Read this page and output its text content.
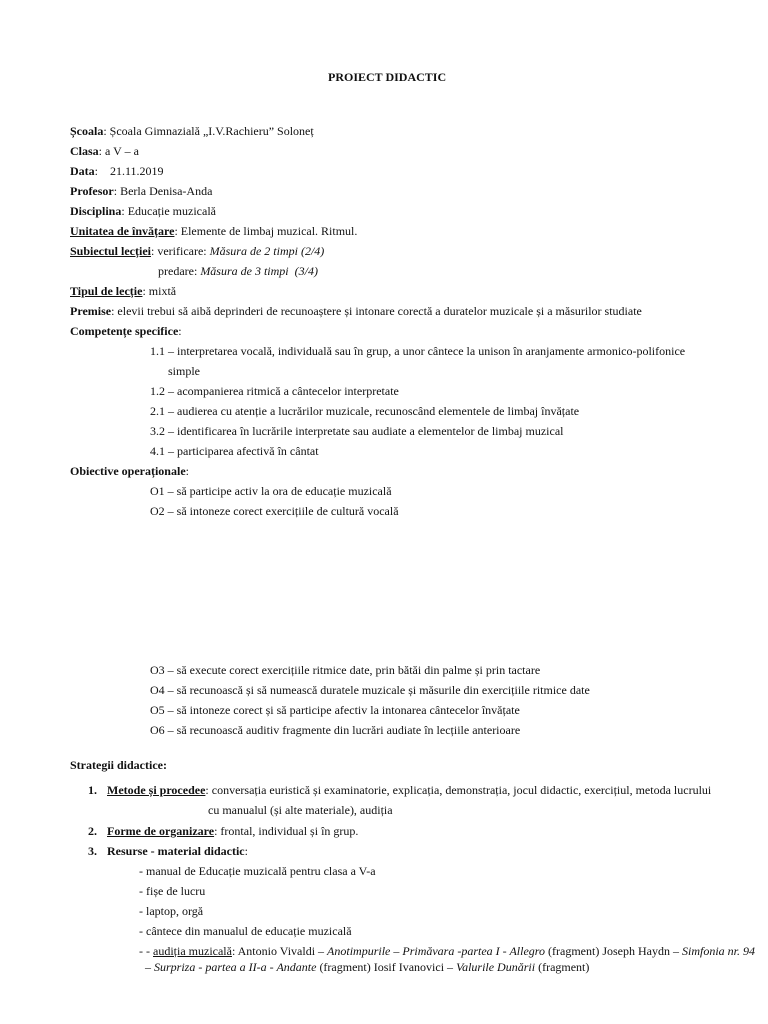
PROIECT DIDACTIC
Școala: Școala Gimnazială „I.V.Rachieru” Soloneț
Clasa: a V – a
Data:    21.11.2019
Profesor: Berla Denisa-Anda
Disciplina: Educație muzicală
Unitatea de învățare: Elemente de limbaj muzical. Ritmul.
Subiectul lecției: verificare: Măsura de 2 timpi (2/4)
predare: Măsura de 3 timpi  (3/4)
Tipul de lecție: mixtă
Premise: elevii trebui să aibă deprinderi de recunoaștere și intonare corectă a duratelor muzicale și a măsurilor studiate
Competențe specifice:
1.1 – interpretarea vocală, individuală sau în grup, a unor cântece la unison în aranjamente armonico-polifonice
simple
1.2 – acompanierea ritmică a cântecelor interpretate
2.1 – audierea cu atenție a lucrărilor muzicale, recunoscând elementele de limbaj învățate
3.2 – identificarea în lucrările interpretate sau audiate a elementelor de limbaj muzical
4.1 – participarea afectivă în cântat
Obiective operaționale:
O1 – să participe activ la ora de educație muzicală
O2 – să intoneze corect exercițiile de cultură vocală
O3 – să execute corect exercițiile ritmice date, prin bătăi din palme și prin tactare
O4 – să recunoască și să numească duratele muzicale și măsurile din exercițiile ritmice date
O5 – să intoneze corect și să participe afectiv la intonarea cântecelor învățate
O6 – să recunoască auditiv fragmente din lucrări audiate în lecțiile anterioare
Strategii didactice:
1. Metode și procedee: conversația euristică și examinatorie, explicația, demonstrația, jocul didactic, exercițiul, metoda lucrului
cu manualul (și alte materiale), audiția
2. Forme de organizare: frontal, individual și în grup.
3. Resurse - material didactic:
- manual de Educație muzicală pentru clasa a V-a
- fișe de lucru
- laptop, orgă
- cântece din manualul de educație muzicală
- - audiția muzicală: Antonio Vivaldi – Anotimpurile – Primăvara -partea I - Allegro (fragment) Joseph Haydn – Simfonia nr. 94
– Surpriza - partea a II-a - Andante (fragment) Iosif Ivanovici – Valurile Dunării (fragment)
